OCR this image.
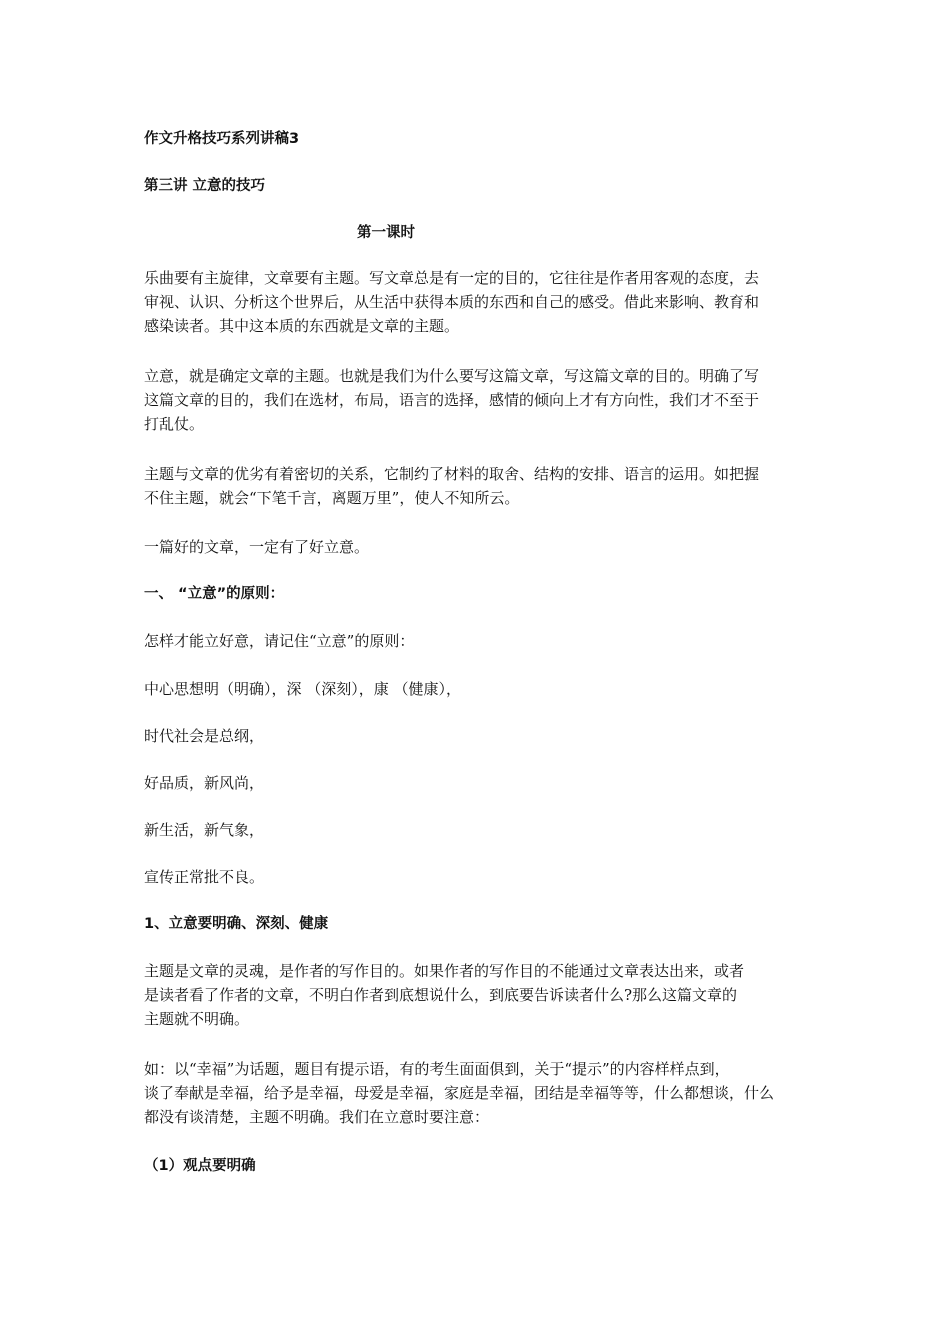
作文升格技巧系列讲稿3
第三讲 立意的技巧
第一课时
乐曲要有主旋律，文章要有主题。写文章总是有一定的目的，它往往是作者用客观的态度，去
审视、认识、分析这个世界后，从生活中获得本质的东西和自己的感受。借此来影响、教育和
感染读者。其中这本质的东西就是文章的主题。
立意，就是确定文章的主题。也就是我们为什么要写这篇文章，写这篇文章的目的。明确了写
这篇文章的目的，我们在选材，布局，语言的选择，感情的倾向上才有方向性，我们才不至于
打乱仗。
主题与文章的优劣有着密切的关系，它制约了材料的取舍、结构的安排、语言的运用。如把握
不住主题，就会“下笔千言，离题万里”，使人不知所云。
一篇好的文章，一定有了好立意。
一、 “立意”的原则：
怎样才能立好意，请记住“立意”的原则：
中心思想明（明确），深 （深刻），康 （健康），
时代社会是总纲，
好品质，新风尚，
新生活，新气象，
宣传正常批不良。
1、立意要明确、深刻、健康
主题是文章的灵魂，是作者的写作目的。如果作者的写作目的不能通过文章表达出来，或者
是读者看了作者的文章，不明白作者到底想说什么，到底要告诉读者什么?那么这篇文章的
主题就不明确。
如：以“幸福”为话题，题目有提示语，有的考生面面俱到，关于“提示”的内容样样点到，
谈了奉献是幸福，给予是幸福，母爱是幸福，家庭是幸福，团结是幸福等等，什么都想谈，什么
都没有谈清楚，主题不明确。我们在立意时要注意：
（1）观点要明确
